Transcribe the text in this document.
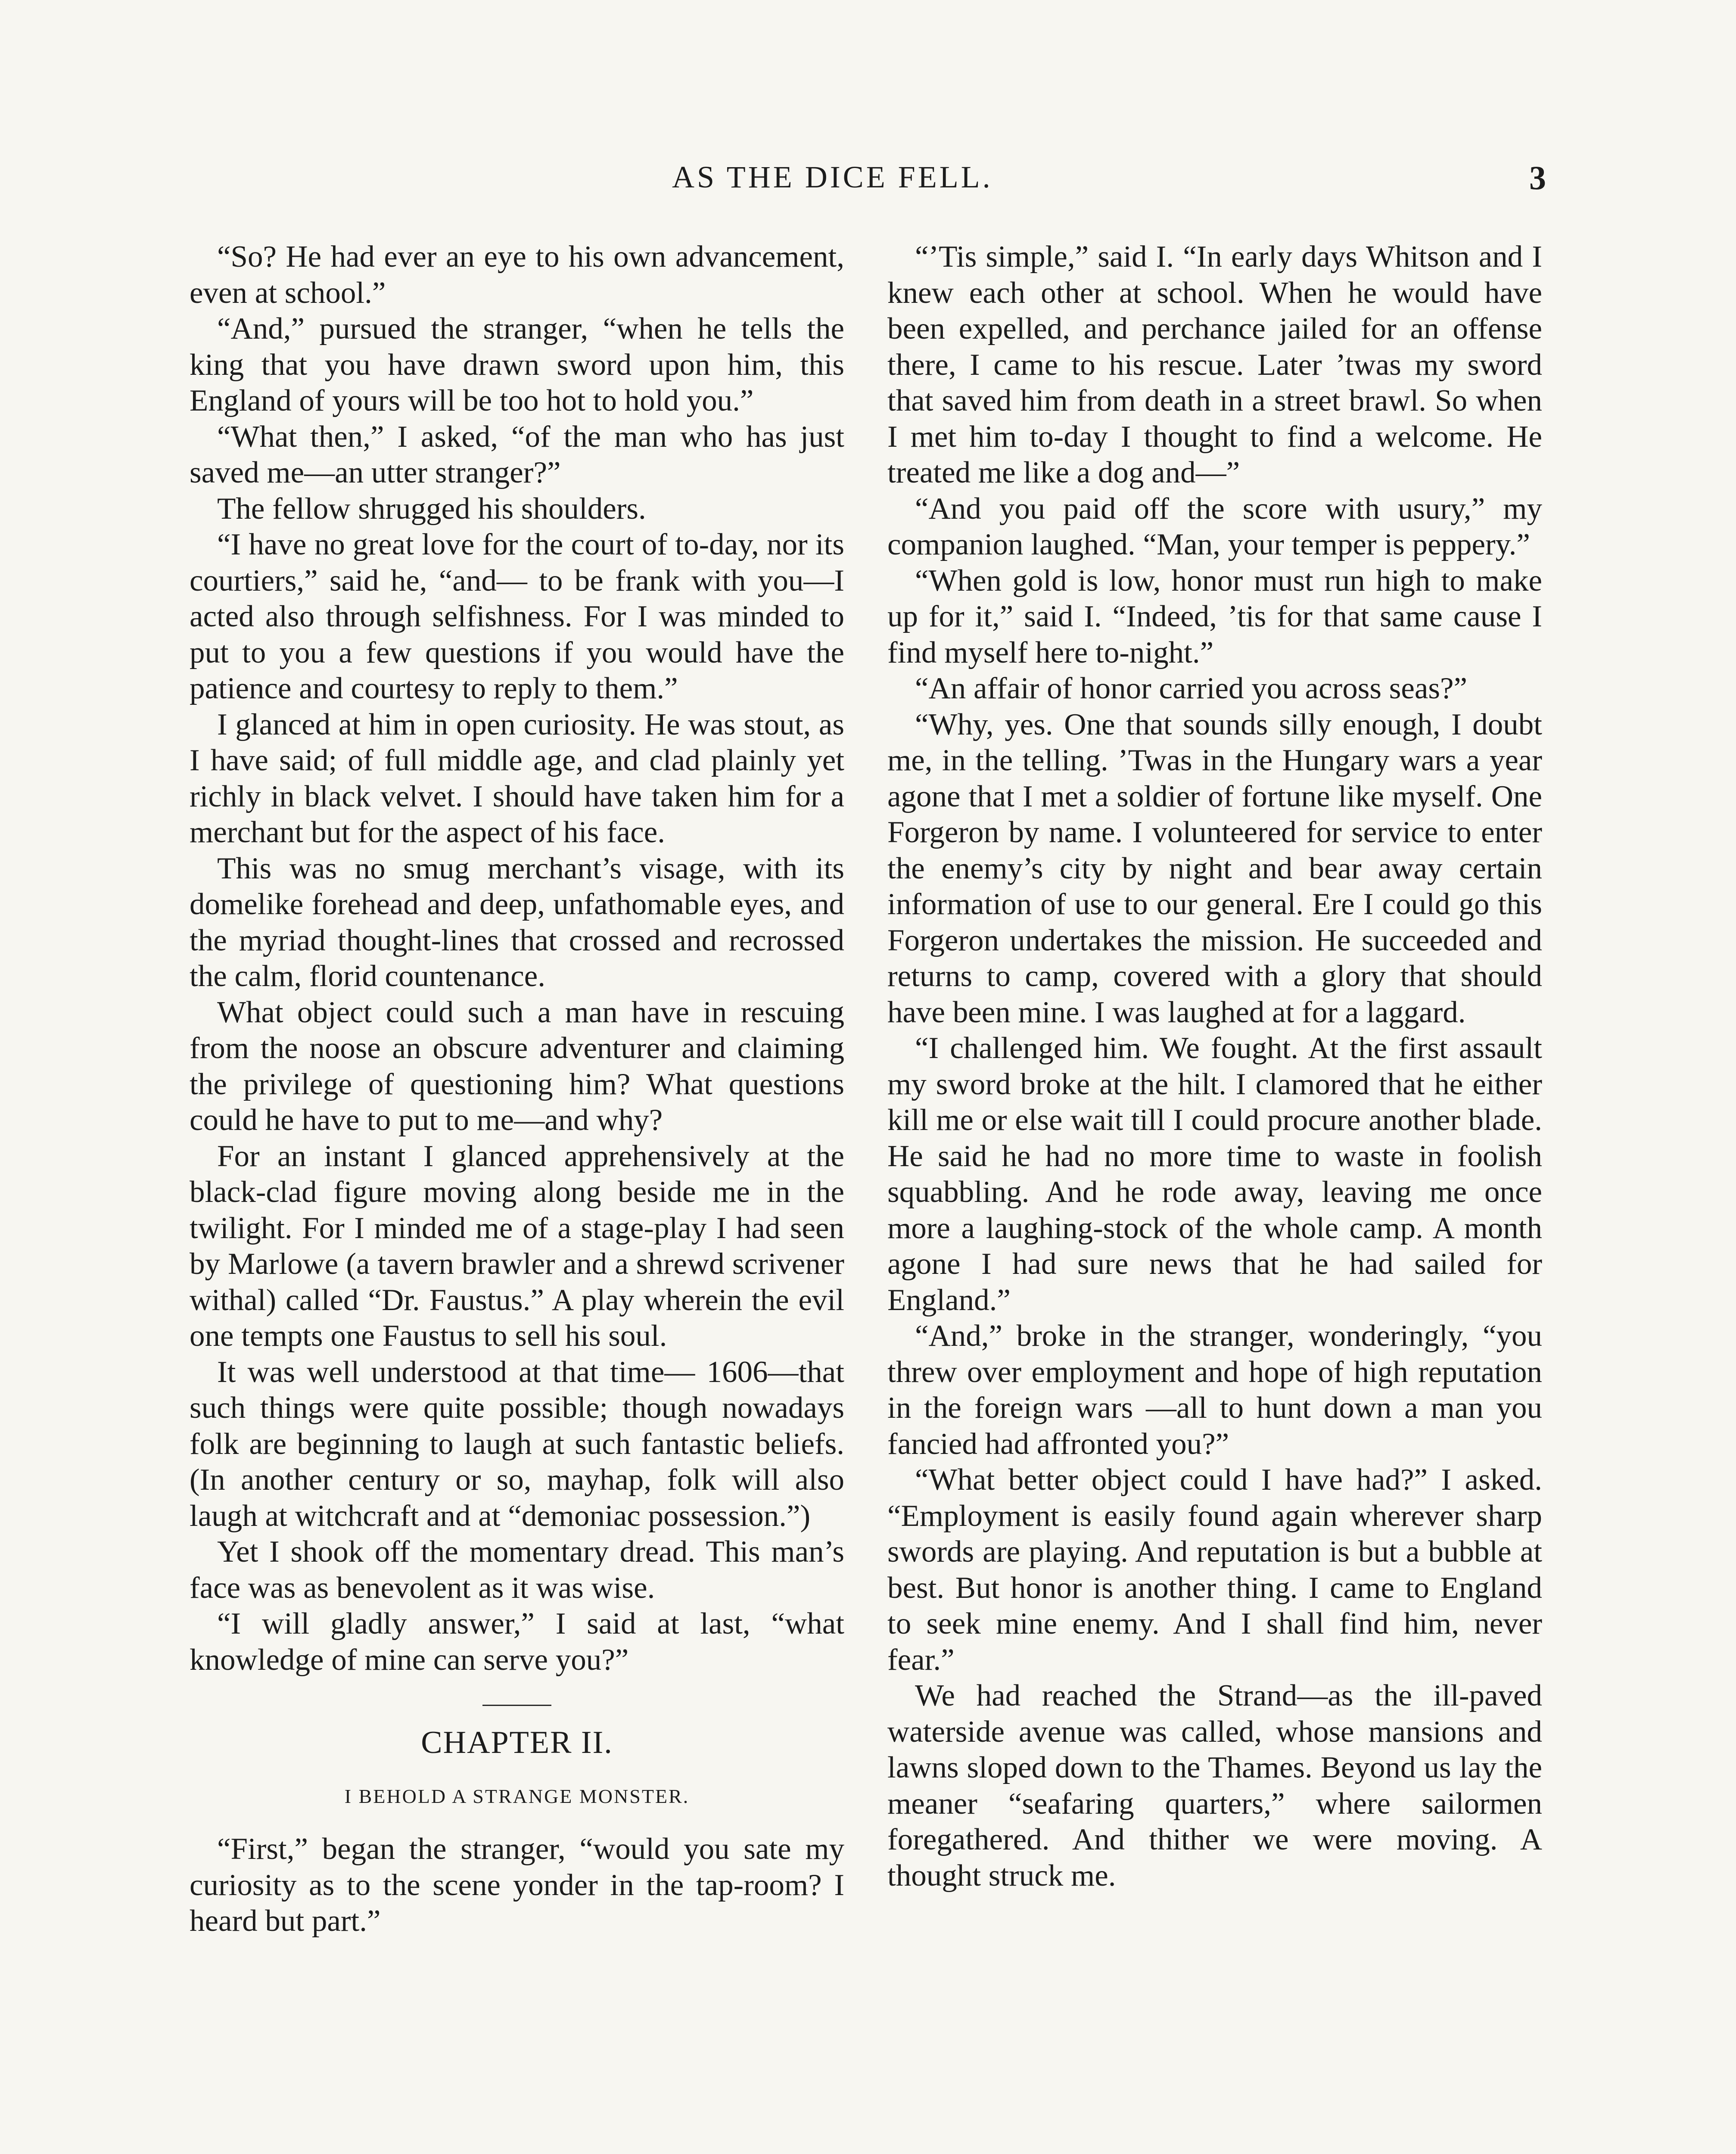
AS THE DICE FELL.	3

“So? He had ever an eye to his own advancement, even at school.”

“And,” pursued the stranger, “when he tells the king that you have drawn sword upon him, this England of yours will be too hot to hold you.”

“What then,” I asked, “of the man who has just saved me—an utter stranger?”

The fellow shrugged his shoulders.

“I have no great love for the court of to-day, nor its courtiers,” said he, “and— to be frank with you—I acted also through selfishness. For I was minded to put to you a few questions if you would have the patience and courtesy to reply to them.”

I glanced at him in open curiosity. He was stout, as I have said; of full middle age, and clad plainly yet richly in black velvet. I should have taken him for a merchant but for the aspect of his face.

This was no smug merchant’s visage, with its domelike forehead and deep, unfathomable eyes, and the myriad thought-lines that crossed and recrossed the calm, florid countenance.

What object could such a man have in rescuing from the noose an obscure adventurer and claiming the privilege of questioning him? What questions could he have to put to me—and why?

For an instant I glanced apprehensively at the black-clad figure moving along beside me in the twilight. For I minded me of a stage-play I had seen by Marlowe (a tavern brawler and a shrewd scrivener withal) called “Dr. Faustus.” A play wherein the evil one tempts one Faustus to sell his soul.

It was well understood at that time— 1606—that such things were quite possible; though nowadays folk are beginning to laugh at such fantastic beliefs. (In another century or so, mayhap, folk will also laugh at witchcraft and at “demoniac possession.”)

Yet I shook off the momentary dread. This man’s face was as benevolent as it was wise.

“I will gladly answer,” I said at last, “what knowledge of mine can serve you?”

CHAPTER II.
I BEHOLD A STRANGE MONSTER.

“First,” began the stranger, “would you sate my curiosity as to the scene yonder in the tap-room? I heard but part.”

“’Tis simple,” said I. “In early days Whitson and I knew each other at school. When he would have been expelled, and perchance jailed for an offense there, I came to his rescue. Later ’twas my sword that saved him from death in a street brawl. So when I met him to-day I thought to find a welcome. He treated me like a dog and—”

“And you paid off the score with usury,” my companion laughed. “Man, your temper is peppery.”

“When gold is low, honor must run high to make up for it,” said I. “Indeed, ’tis for that same cause I find myself here to-night.”

“An affair of honor carried you across seas?”

“Why, yes. One that sounds silly enough, I doubt me, in the telling. ’Twas in the Hungary wars a year agone that I met a soldier of fortune like myself. One Forgeron by name. I volunteered for service to enter the enemy’s city by night and bear away certain information of use to our general. Ere I could go this Forgeron undertakes the mission. He succeeded and returns to camp, covered with a glory that should have been mine. I was laughed at for a laggard.

“I challenged him. We fought. At the first assault my sword broke at the hilt. I clamored that he either kill me or else wait till I could procure another blade. He said he had no more time to waste in foolish squabbling. And he rode away, leaving me once more a laughing-stock of the whole camp. A month agone I had sure news that he had sailed for England.”

“And,” broke in the stranger, wonderingly, “you threw over employment and hope of high reputation in the foreign wars —all to hunt down a man you fancied had affronted you?”

“What better object could I have had?” I asked. “Employment is easily found again wherever sharp swords are playing. And reputation is but a bubble at best. But honor is another thing. I came to England to seek mine enemy. And I shall find him, never fear.”

We had reached the Strand—as the ill-paved waterside avenue was called, whose mansions and lawns sloped down to the Thames. Beyond us lay the meaner “seafaring quarters,” where sailormen foregathered. And thither we were moving. A thought struck me.
